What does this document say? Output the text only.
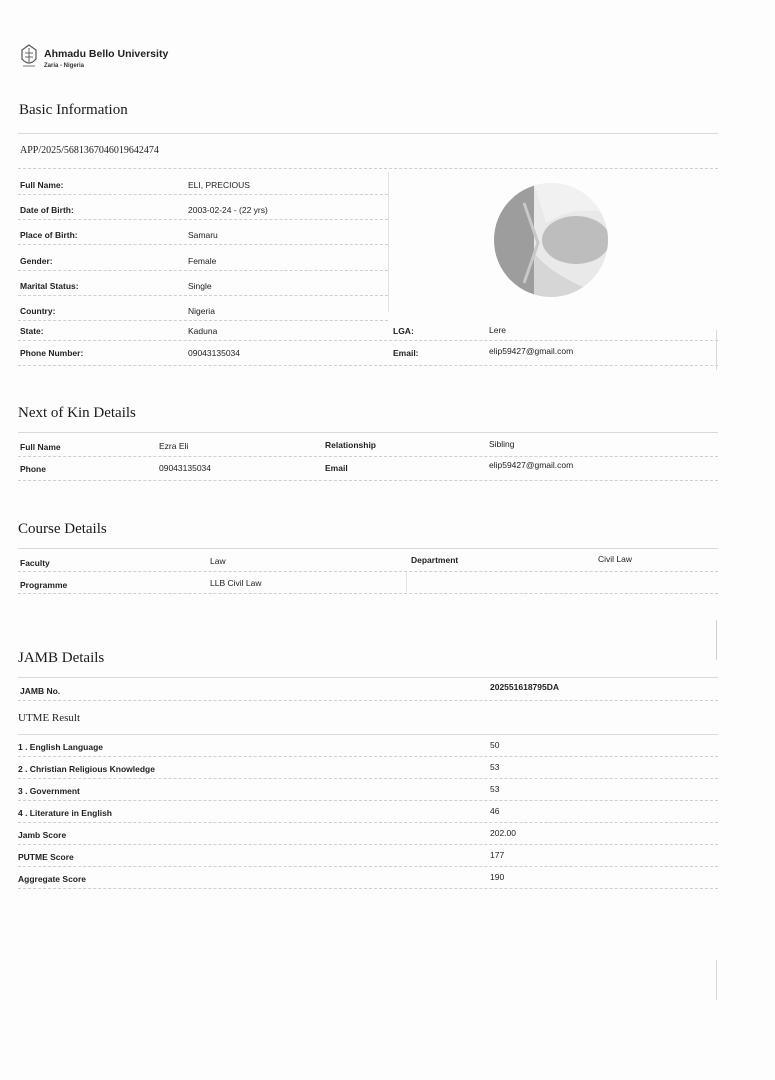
Ahmadu Bello University
Zaria - Nigeria
Basic Information
APP/2025/5681367046019642474
Full Name:	ELI, PRECIOUS
Date of Birth:	2003-02-24 - (22 yrs)
Place of Birth:	Samaru
Gender:	Female
Marital Status:	Single
Country:	Nigeria
State:	Kaduna	LGA:	Lere
Phone Number:	09043135034	Email:	elip59427@gmail.com
Next of Kin Details
Full Name	Ezra Eli	Relationship	Sibling
Phone	09043135034	Email	elip59427@gmail.com
Course Details
Faculty	Law	Department	Civil Law
Programme	LLB Civil Law
JAMB Details
JAMB No.	202551618795DA
UTME Result
1 . English Language	50
2 . Christian Religious Knowledge	53
3 . Government	53
4 . Literature in English	46
Jamb Score	202.00
PUTME Score	177
Aggregate Score	190
